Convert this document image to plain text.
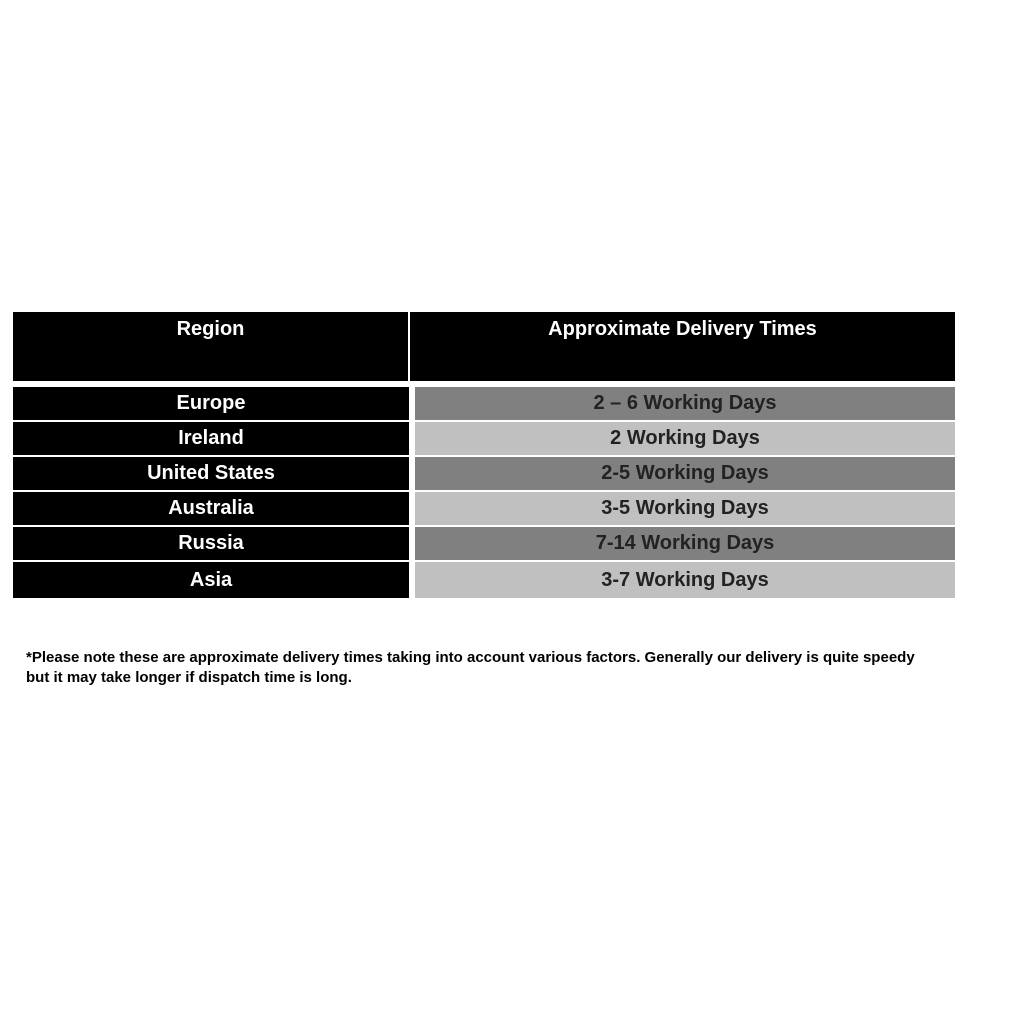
Region	Approximate Delivery Times
Europe	2 – 6 Working Days
Ireland	2 Working Days
United States	2-5 Working Days
Australia	3-5 Working Days
Russia	7-14 Working Days
Asia	3-7 Working Days
*Please note these are approximate delivery times taking into account various factors. Generally our delivery is quite speedy
but it may take longer if dispatch time is long.
